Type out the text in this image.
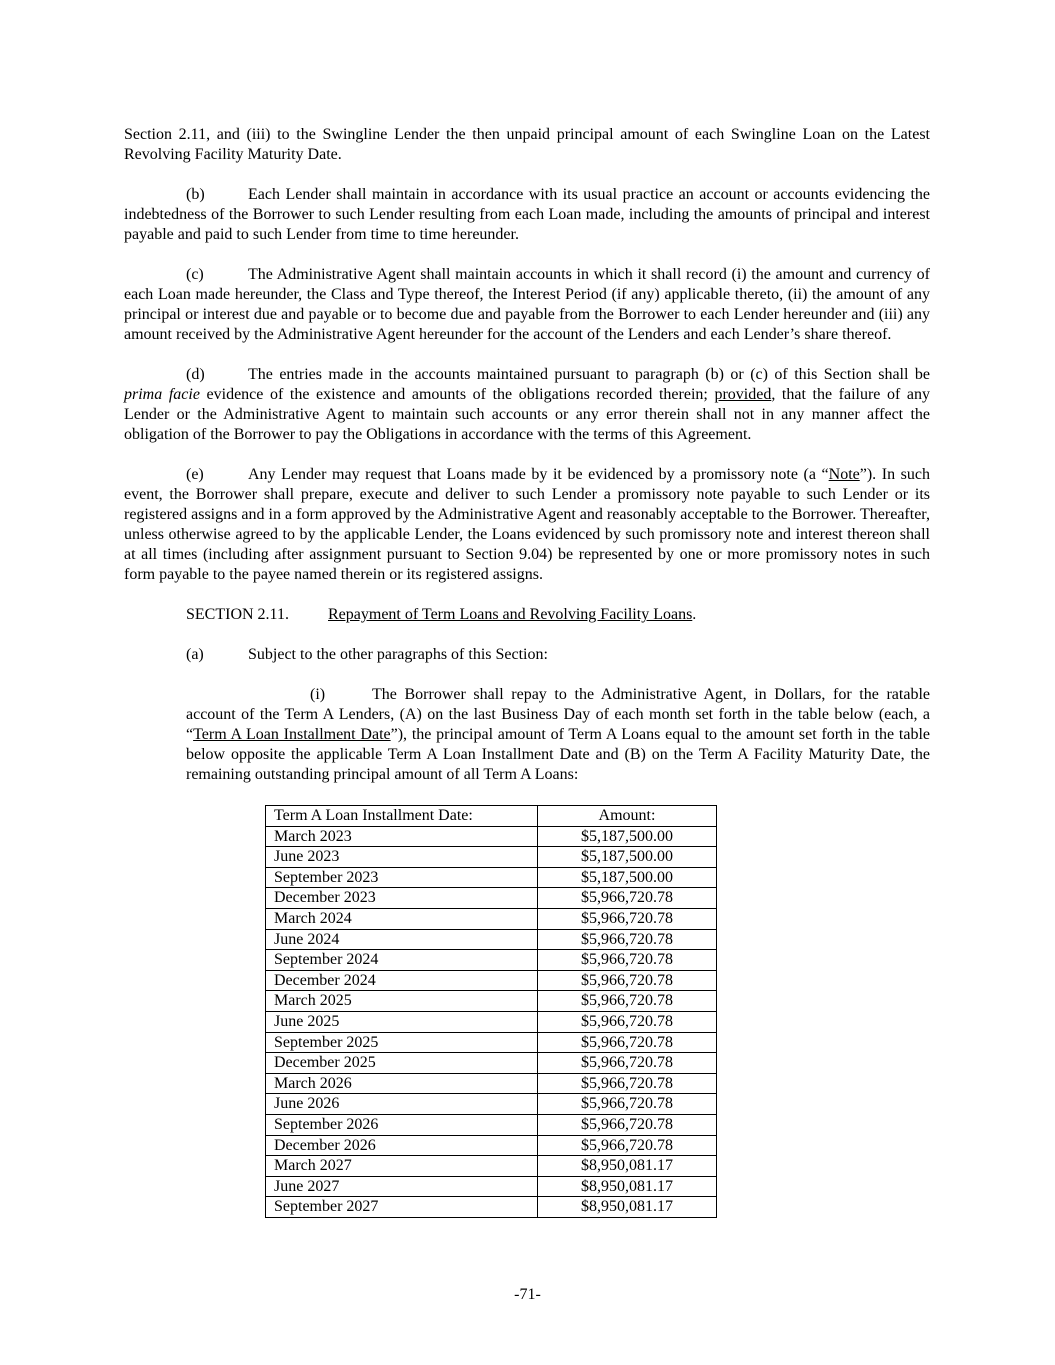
Section 2.11, and (iii) to the Swingline Lender the then unpaid principal amount of each Swingline Loan on the Latest Revolving Facility Maturity Date.

(b)	Each Lender shall maintain in accordance with its usual practice an account or accounts evidencing the indebtedness of the Borrower to such Lender resulting from each Loan made, including the amounts of principal and interest payable and paid to such Lender from time to time hereunder.

(c)	The Administrative Agent shall maintain accounts in which it shall record (i) the amount and currency of each Loan made hereunder, the Class and Type thereof, the Interest Period (if any) applicable thereto, (ii) the amount of any principal or interest due and payable or to become due and payable from the Borrower to each Lender hereunder and (iii) any amount received by the Administrative Agent hereunder for the account of the Lenders and each Lender’s share thereof.

(d)	The entries made in the accounts maintained pursuant to paragraph (b) or (c) of this Section shall be prima facie evidence of the existence and amounts of the obligations recorded therein; provided, that the failure of any Lender or the Administrative Agent to maintain such accounts or any error therein shall not in any manner affect the obligation of the Borrower to pay the Obligations in accordance with the terms of this Agreement.

(e)	Any Lender may request that Loans made by it be evidenced by a promissory note (a “Note”). In such event, the Borrower shall prepare, execute and deliver to such Lender a promissory note payable to such Lender or its registered assigns and in a form approved by the Administrative Agent and reasonably acceptable to the Borrower. Thereafter, unless otherwise agreed to by the applicable Lender, the Loans evidenced by such promissory note and interest thereon shall at all times (including after assignment pursuant to Section 9.04) be represented by one or more promissory notes in such form payable to the payee named therein or its registered assigns.

SECTION 2.11. Repayment of Term Loans and Revolving Facility Loans.

(a)	Subject to the other paragraphs of this Section:

(i)	The Borrower shall repay to the Administrative Agent, in Dollars, for the ratable account of the Term A Lenders, (A) on the last Business Day of each month set forth in the table below (each, a “Term A Loan Installment Date”), the principal amount of Term A Loans equal to the amount set forth in the table below opposite the applicable Term A Loan Installment Date and (B) on the Term A Facility Maturity Date, the remaining outstanding principal amount of all Term A Loans:

Term A Loan Installment Date:	Amount:
March 2023	$5,187,500.00
June 2023	$5,187,500.00
September 2023	$5,187,500.00
December 2023	$5,966,720.78
March 2024	$5,966,720.78
June 2024	$5,966,720.78
September 2024	$5,966,720.78
December 2024	$5,966,720.78
March 2025	$5,966,720.78
June 2025	$5,966,720.78
September 2025	$5,966,720.78
December 2025	$5,966,720.78
March 2026	$5,966,720.78
June 2026	$5,966,720.78
September 2026	$5,966,720.78
December 2026	$5,966,720.78
March 2027	$8,950,081.17
June 2027	$8,950,081.17
September 2027	$8,950,081.17
-71-
